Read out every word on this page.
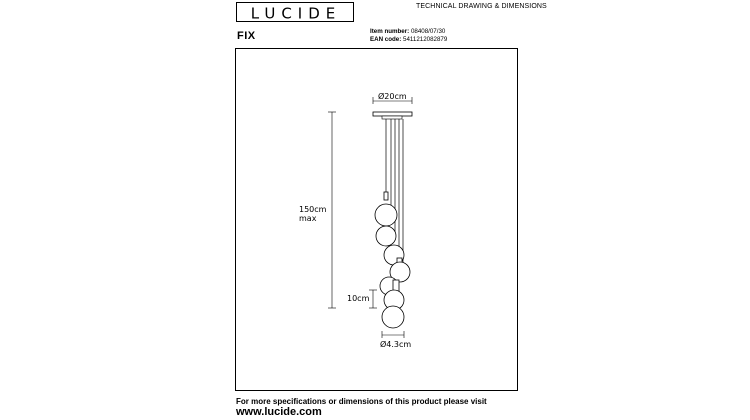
LUCIDE	TECHNICAL DRAWING & DIMENSIONS
FIX	Item number: 08408/07/30
EAN code: 5411212082879
Ø20cm
150cm
max
10cm
Ø4.3cm
For more specifications or dimensions of this product please visit
www.lucide.com
